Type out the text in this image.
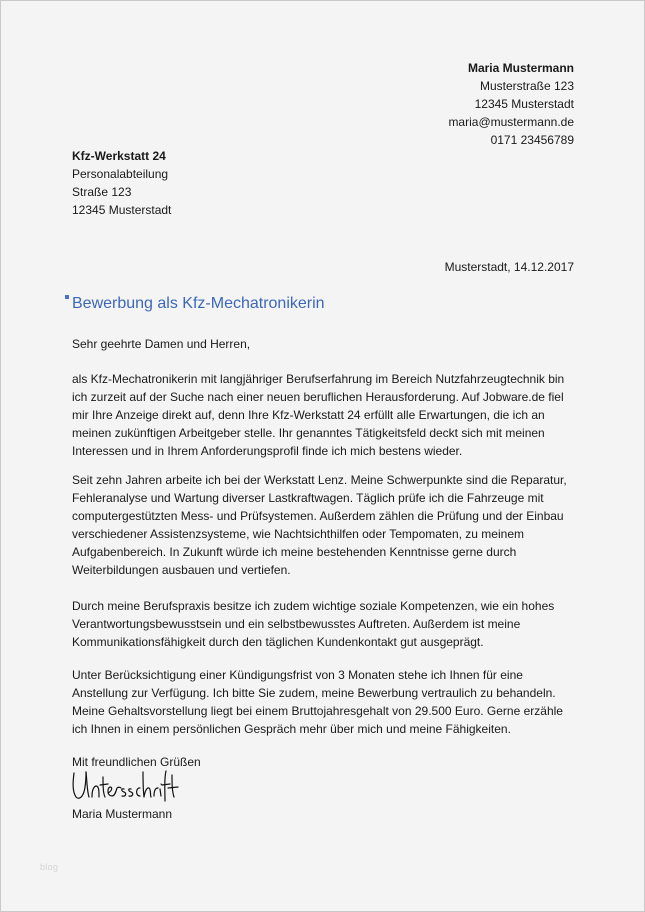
Maria Mustermann
Musterstraße 123
12345 Musterstadt
maria@mustermann.de
0171 23456789
Kfz-Werkstatt 24
Personalabteilung
Straße 123
12345 Musterstadt
Musterstadt, 14.12.2017
Bewerbung als Kfz-Mechatronikerin
Sehr geehrte Damen und Herren,
als Kfz-Mechatronikerin mit langjähriger Berufserfahrung im Bereich Nutzfahrzeugtechnik bin
ich zurzeit auf der Suche nach einer neuen beruflichen Herausforderung. Auf Jobware.de fiel
mir Ihre Anzeige direkt auf, denn Ihre Kfz-Werkstatt 24 erfüllt alle Erwartungen, die ich an
meinen zukünftigen Arbeitgeber stelle. Ihr genanntes Tätigkeitsfeld deckt sich mit meinen
Interessen und in Ihrem Anforderungsprofil finde ich mich bestens wieder.
Seit zehn Jahren arbeite ich bei der Werkstatt Lenz. Meine Schwerpunkte sind die Reparatur,
Fehleranalyse und Wartung diverser Lastkraftwagen. Täglich prüfe ich die Fahrzeuge mit
computergestützten Mess- und Prüfsystemen. Außerdem zählen die Prüfung und der Einbau
verschiedener Assistenzsysteme, wie Nachtsichthilfen oder Tempomaten, zu meinem
Aufgabenbereich. In Zukunft würde ich meine bestehenden Kenntnisse gerne durch
Weiterbildungen ausbauen und vertiefen.
Durch meine Berufspraxis besitze ich zudem wichtige soziale Kompetenzen, wie ein hohes
Verantwortungsbewusstsein und ein selbstbewusstes Auftreten. Außerdem ist meine
Kommunikationsfähigkeit durch den täglichen Kundenkontakt gut ausgeprägt.
Unter Berücksichtigung einer Kündigungsfrist von 3 Monaten stehe ich Ihnen für eine
Anstellung zur Verfügung. Ich bitte Sie zudem, meine Bewerbung vertraulich zu behandeln.
Meine Gehaltsvorstellung liegt bei einem Bruttojahresgehalt von 29.500 Euro. Gerne erzähle
ich Ihnen in einem persönlichen Gespräch mehr über mich und meine Fähigkeiten.
Mit freundlichen Grüßen
Maria Mustermann
blog
